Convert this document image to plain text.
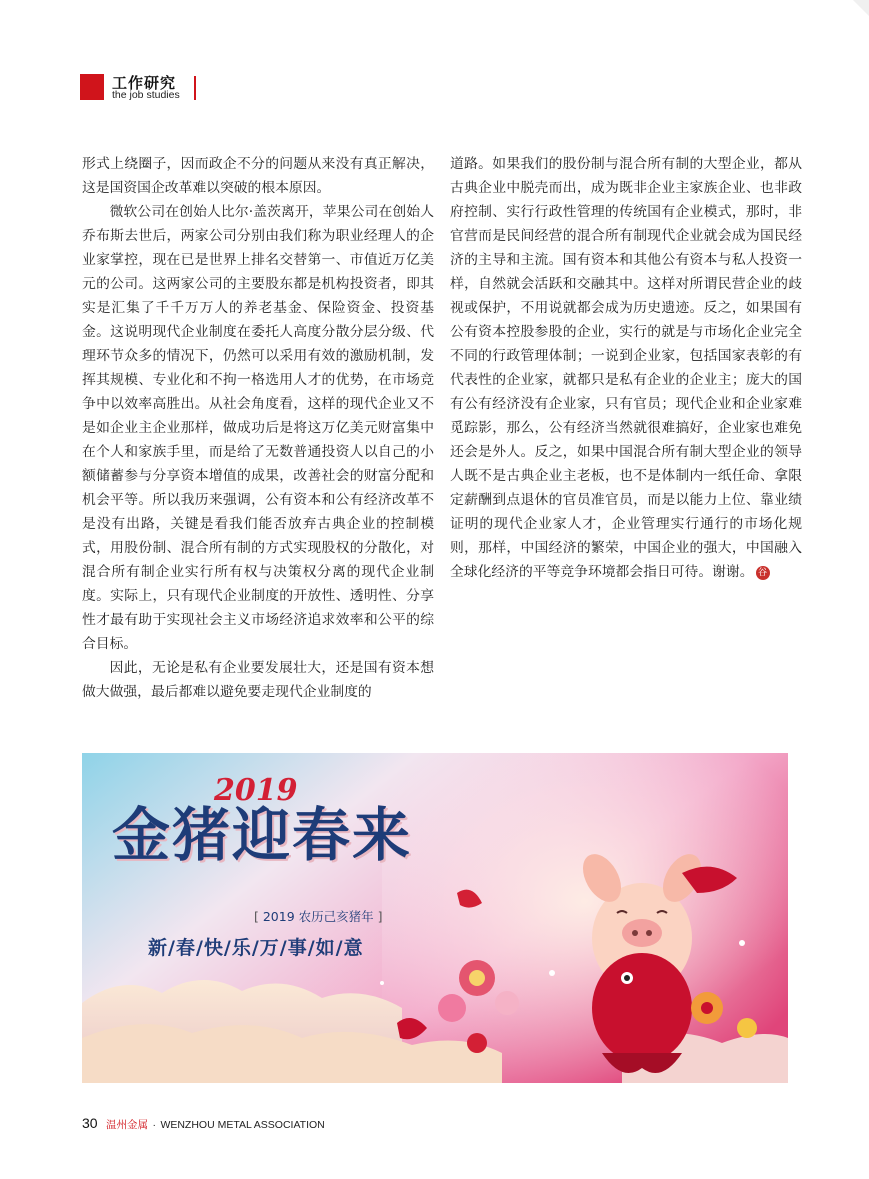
工作研究
the job studies

形式上绕圈子，因而政企不分的问题从来没有真正解决，这是国资国企改革难以突破的根本原因。

微软公司在创始人比尔·盖茨离开，苹果公司在创始人乔布斯去世后，两家公司分别由我们称为职业经理人的企业家掌控，现在已是世界上排名交替第一、市值近万亿美元的公司。这两家公司的主要股东都是机构投资者，即其实是汇集了千千万万人的养老基金、保险资金、投资基金。这说明现代企业制度在委托人高度分散分层分级、代理环节众多的情况下，仍然可以采用有效的激励机制，发挥其规模、专业化和不拘一格选用人才的优势，在市场竞争中以效率高胜出。从社会角度看，这样的现代企业又不是如企业主企业那样，做成功后是将这万亿美元财富集中在个人和家族手里，而是给了无数普通投资人以自己的小额储蓄参与分享资本增值的成果，改善社会的财富分配和机会平等。所以我历来强调，公有资本和公有经济改革不是没有出路，关键是看我们能否放弃古典企业的控制模式，用股份制、混合所有制的方式实现股权的分散化，对混合所有制企业实行所有权与决策权分离的现代企业制度。实际上，只有现代企业制度的开放性、透明性、分享性才最有助于实现社会主义市场经济追求效率和公平的综合目标。

因此，无论是私有企业要发展壮大，还是国有资本想做大做强，最后都难以避免要走现代企业制度的

道路。如果我们的股份制与混合所有制的大型企业，都从古典企业中脱壳而出，成为既非企业主家族企业、也非政府控制、实行行政性管理的传统国有企业模式，那时，非官营而是民间经营的混合所有制现代企业就会成为国民经济的主导和主流。国有资本和其他公有资本与私人投资一样，自然就会活跃和交融其中。这样对所谓民营企业的歧视或保护，不用说就都会成为历史遗迹。反之，如果国有公有资本控股参股的企业，实行的就是与市场化企业完全不同的行政管理体制；一说到企业家，包括国家表彰的有代表性的企业家，就都只是私有企业的企业主；庞大的国有公有经济没有企业家，只有官员；现代企业和企业家难觅踪影，那么，公有经济当然就很难搞好，企业家也难免还会是外人。反之，如果中国混合所有制大型企业的领导人既不是古典企业主老板，也不是体制内一纸任命、拿限定薪酬到点退休的官员准官员，而是以能力上位、靠业绩证明的现代企业家人才，企业管理实行通行的市场化规则，那样，中国经济的繁荣，中国企业的强大，中国融入全球化经济的平等竞争环境都会指日可待。谢谢。 谷

2019
金猪迎春来
[ 2019 农历己亥猪年 ]
新/春/快/乐/万/事/如/意
30 温州金属 · WENZHOU METAL ASSOCIATION
